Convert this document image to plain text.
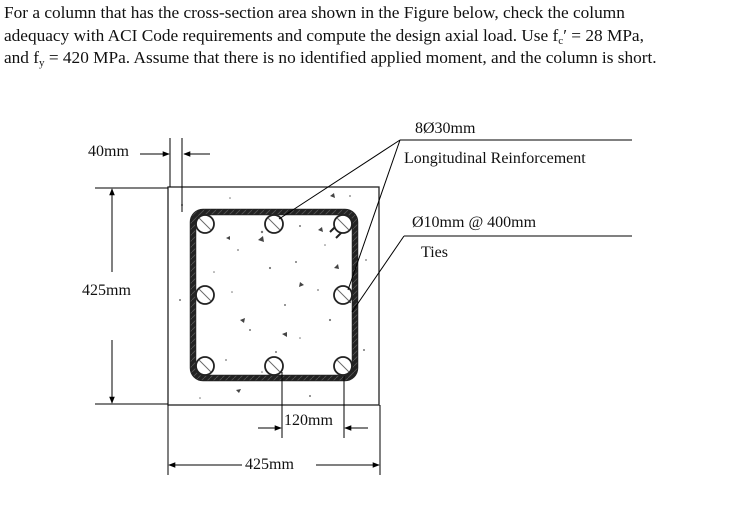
For a column that has the cross-section area shown in the Figure below, check the column

adequacy with ACI Code requirements and compute the design axial load. Use $f_c' = 28$ MPa,

and $f_y = 420$ MPa. Assume that there is no identified applied moment, and the column is short.

40mm
425mm
425mm
120mm
8Ø30mm
Longitudinal Reinforcement
Ø10mm @ 400mm
Ties
